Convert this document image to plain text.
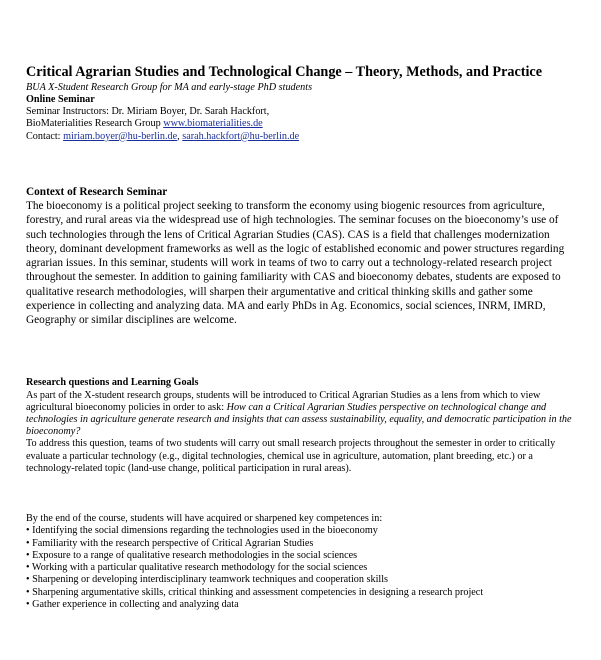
Critical Agrarian Studies and Technological Change – Theory, Methods, and Practice

BUA X-Student Research Group for MA and early-stage PhD students

Online Seminar
Seminar Instructors: Dr. Miriam Boyer, Dr. Sarah Hackfort,
BioMaterialities Research Group www.biomaterialities.de
Contact: miriam.boyer@hu-berlin.de, sarah.hackfort@hu-berlin.de
Context of Research Seminar

The bioeconomy is a political project seeking to transform the economy using biogenic resources from agriculture, forestry, and rural areas via the widespread use of high technologies. The seminar focuses on the bioeconomy’s use of such technologies through the lens of Critical Agrarian Studies (CAS). CAS is a field that challenges modernization theory, dominant development frameworks as well as the logic of established economic and power structures regarding agrarian issues. In this seminar, students will work in teams of two to carry out a technology-related research project throughout the semester. In addition to gaining familiarity with CAS and bioeconomy debates, students are exposed to qualitative research methodologies, will sharpen their argumentative and critical thinking skills and gather some experience in collecting and analyzing data. MA and early PhDs in Ag. Economics, social sciences, INRM, IMRD, Geography or similar disciplines are welcome.

Research questions and Learning Goals

As part of the X-student research groups, students will be introduced to Critical Agrarian Studies as a lens from which to view agricultural bioeconomy policies in order to ask: How can a Critical Agrarian Studies perspective on technological change and technologies in agriculture generate research and insights that can assess sustainability, equality, and democratic participation in the bioeconomy?

To address this question, teams of two students will carry out small research projects throughout the semester in order to critically evaluate a particular technology (e.g., digital technologies, chemical use in agriculture, automation, plant breeding, etc.) or a technology-related topic (land-use change, political participation in rural areas).

By the end of the course, students will have acquired or sharpened key competences in:

• Identifying the social dimensions regarding the technologies used in the bioeconomy
• Familiarity with the research perspective of Critical Agrarian Studies
• Exposure to a range of qualitative research methodologies in the social sciences
• Working with a particular qualitative research methodology for the social sciences
• Sharpening or developing interdisciplinary teamwork techniques and cooperation skills
• Sharpening argumentative skills, critical thinking and assessment competencies in designing a research project
• Gather experience in collecting and analyzing data
